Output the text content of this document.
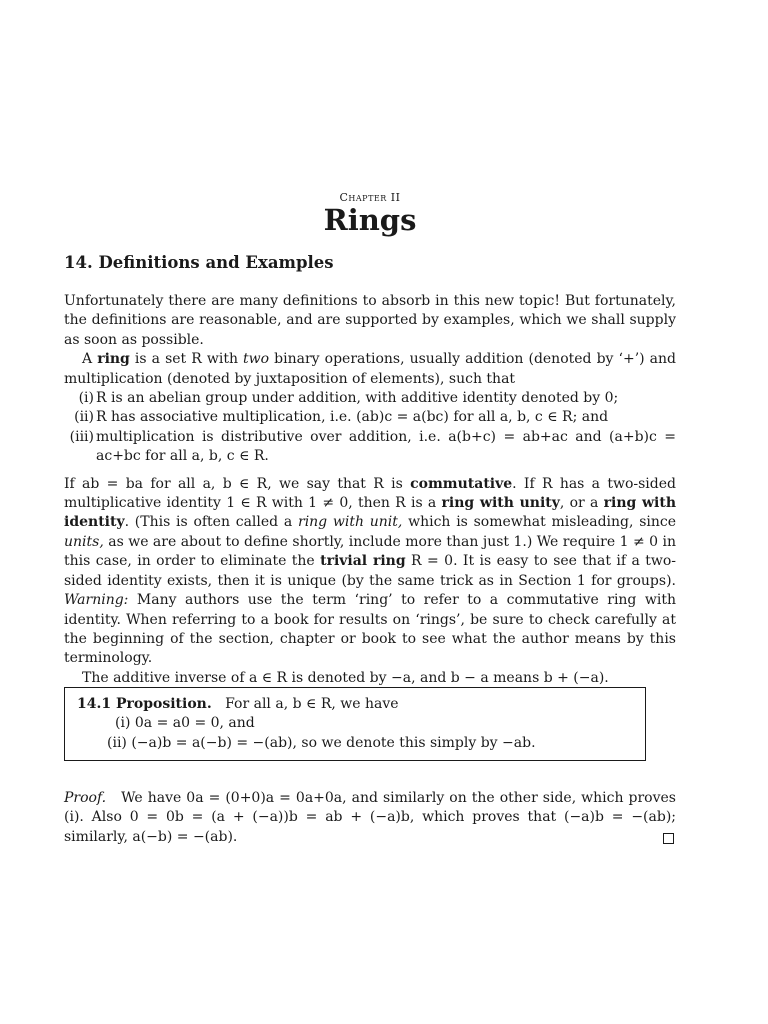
Chapter II
Rings
14. Definitions and Examples

Unfortunately there are many definitions to absorb in this new topic! But fortunately, the definitions are reasonable, and are supported by examples, which we shall supply as soon as possible.

A ring is a set R with two binary operations, usually addition (denoted by ‘+’) and multiplication (denoted by juxtaposition of elements), such that

(i) R is an abelian group under addition, with additive identity denoted by 0;
(ii) R has associative multiplication, i.e. (ab)c = a(bc) for all a, b, c ∈ R; and
(iii) multiplication is distributive over addition, i.e. a(b+c) = ab+ac and (a+b)c = ac+bc for all a, b, c ∈ R.

If ab = ba for all a, b ∈ R, we say that R is commutative. If R has a two-sided multiplicative identity 1 ∈ R with 1 ≠ 0, then R is a ring with unity, or a ring with identity. (This is often called a ring with unit, which is somewhat misleading, since units, as we are about to define shortly, include more than just 1.) We require 1 ≠ 0 in this case, in order to eliminate the trivial ring R = 0. It is easy to see that if a two-sided identity exists, then it is unique (by the same trick as in Section 1 for groups). Warning: Many authors use the term ‘ring’ to refer to a commutative ring with identity. When referring to a book for results on ‘rings’, be sure to check carefully at the beginning of the section, chapter or book to see what the author means by this terminology.

The additive inverse of a ∈ R is denoted by −a, and b − a means b + (−a).

14.1 Proposition. For all a, b ∈ R, we have
(i) 0a = a0 = 0, and
(ii) (−a)b = a(−b) = −(ab), so we denote this simply by −ab.

Proof. We have 0a = (0+0)a = 0a+0a, and similarly on the other side, which proves (i). Also 0 = 0b = (a + (−a))b = ab + (−a)b, which proves that (−a)b = −(ab); similarly, a(−b) = −(ab).
